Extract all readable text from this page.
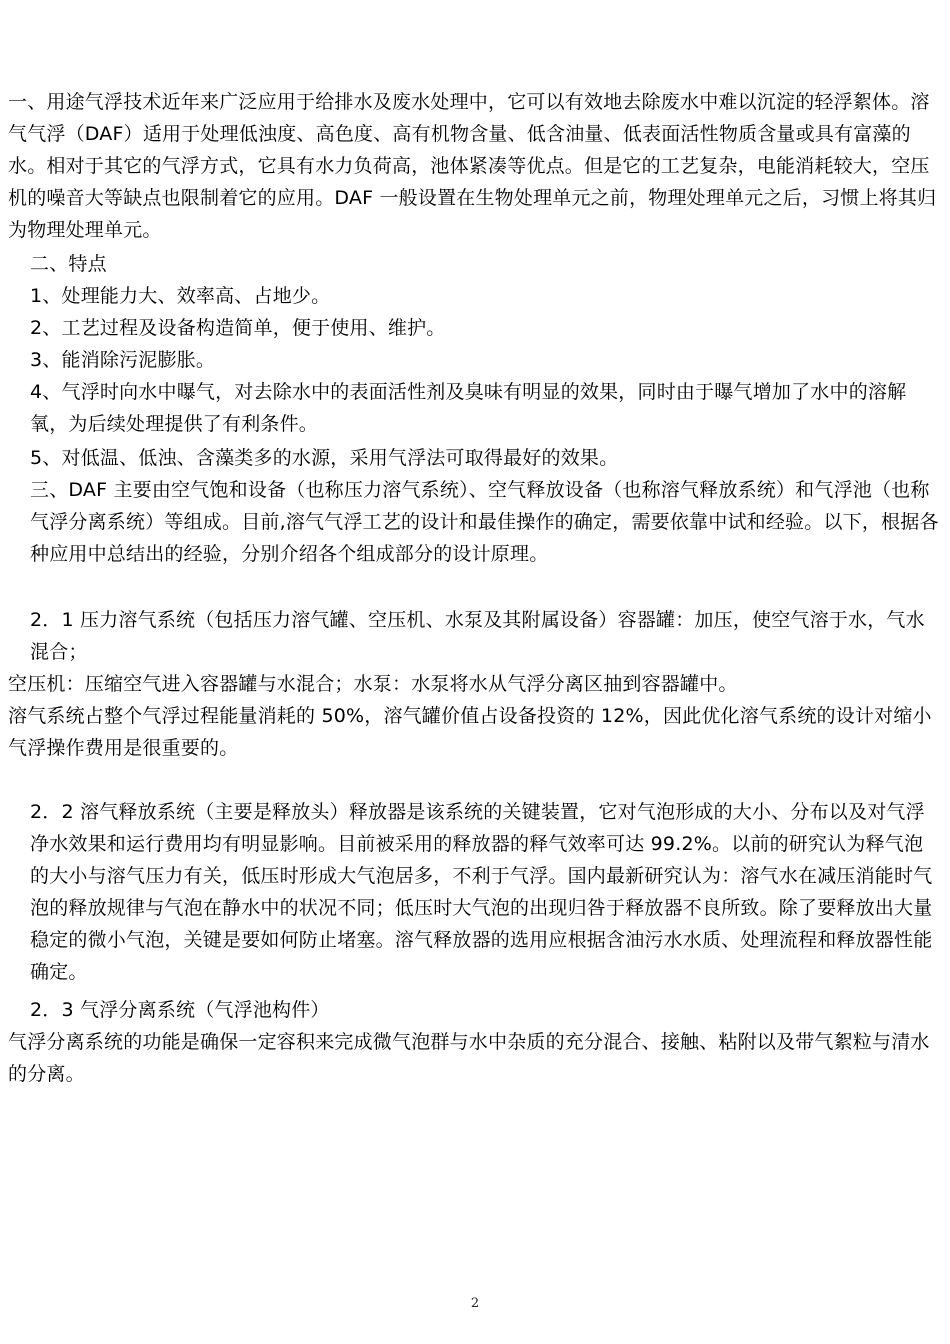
一、用途气浮技术近年来广泛应用于给排水及废水处理中，它可以有效地去除废水中难以沉淀的轻浮絮体。溶气气浮（DAF）适用于处理低浊度、高色度、高有机物含量、低含油量、低表面活性物质含量或具有富藻的水。相对于其它的气浮方式，它具有水力负荷高，池体紧凑等优点。但是它的工艺复杂，电能消耗较大，空压机的噪音大等缺点也限制着它的应用。DAF 一般设置在生物处理单元之前，物理处理单元之后，习惯上将其归为物理处理单元。

二、特点

1、处理能力大、效率高、占地少。

2、工艺过程及设备构造简单，便于使用、维护。

3、能消除污泥膨胀。

4、气浮时向水中曝气，对去除水中的表面活性剂及臭味有明显的效果，同时由于曝气增加了水中的溶解氧，为后续处理提供了有利条件。

5、对低温、低浊、含藻类多的水源，采用气浮法可取得最好的效果。

三、DAF 主要由空气饱和设备（也称压力溶气系统）、空气释放设备（也称溶气释放系统）和气浮池（也称气浮分离系统）等组成。目前,溶气气浮工艺的设计和最佳操作的确定，需要依靠中试和经验。以下，根据各种应用中总结出的经验，分别介绍各个组成部分的设计原理。

2．1 压力溶气系统（包括压力溶气罐、空压机、水泵及其附属设备）容器罐：加压，使空气溶于水，气水混合；

空压机：压缩空气进入容器罐与水混合；水泵：水泵将水从气浮分离区抽到容器罐中。

溶气系统占整个气浮过程能量消耗的 50%，溶气罐价值占设备投资的 12%，因此优化溶气系统的设计对缩小气浮操作费用是很重要的。

2．2 溶气释放系统（主要是释放头）释放器是该系统的关键装置，它对气泡形成的大小、分布以及对气浮净水效果和运行费用均有明显影响。目前被采用的释放器的释气效率可达 99.2%。以前的研究认为释气泡的大小与溶气压力有关，低压时形成大气泡居多，不利于气浮。国内最新研究认为：溶气水在减压消能时气泡的释放规律与气泡在静水中的状况不同；低压时大气泡的出现归咎于释放器不良所致。除了要释放出大量稳定的微小气泡，关键是要如何防止堵塞。溶气释放器的选用应根据含油污水水质、处理流程和释放器性能确定。

2．3 气浮分离系统（气浮池构件）

气浮分离系统的功能是确保一定容积来完成微气泡群与水中杂质的充分混合、接触、粘附以及带气絮粒与清水的分离。

2
